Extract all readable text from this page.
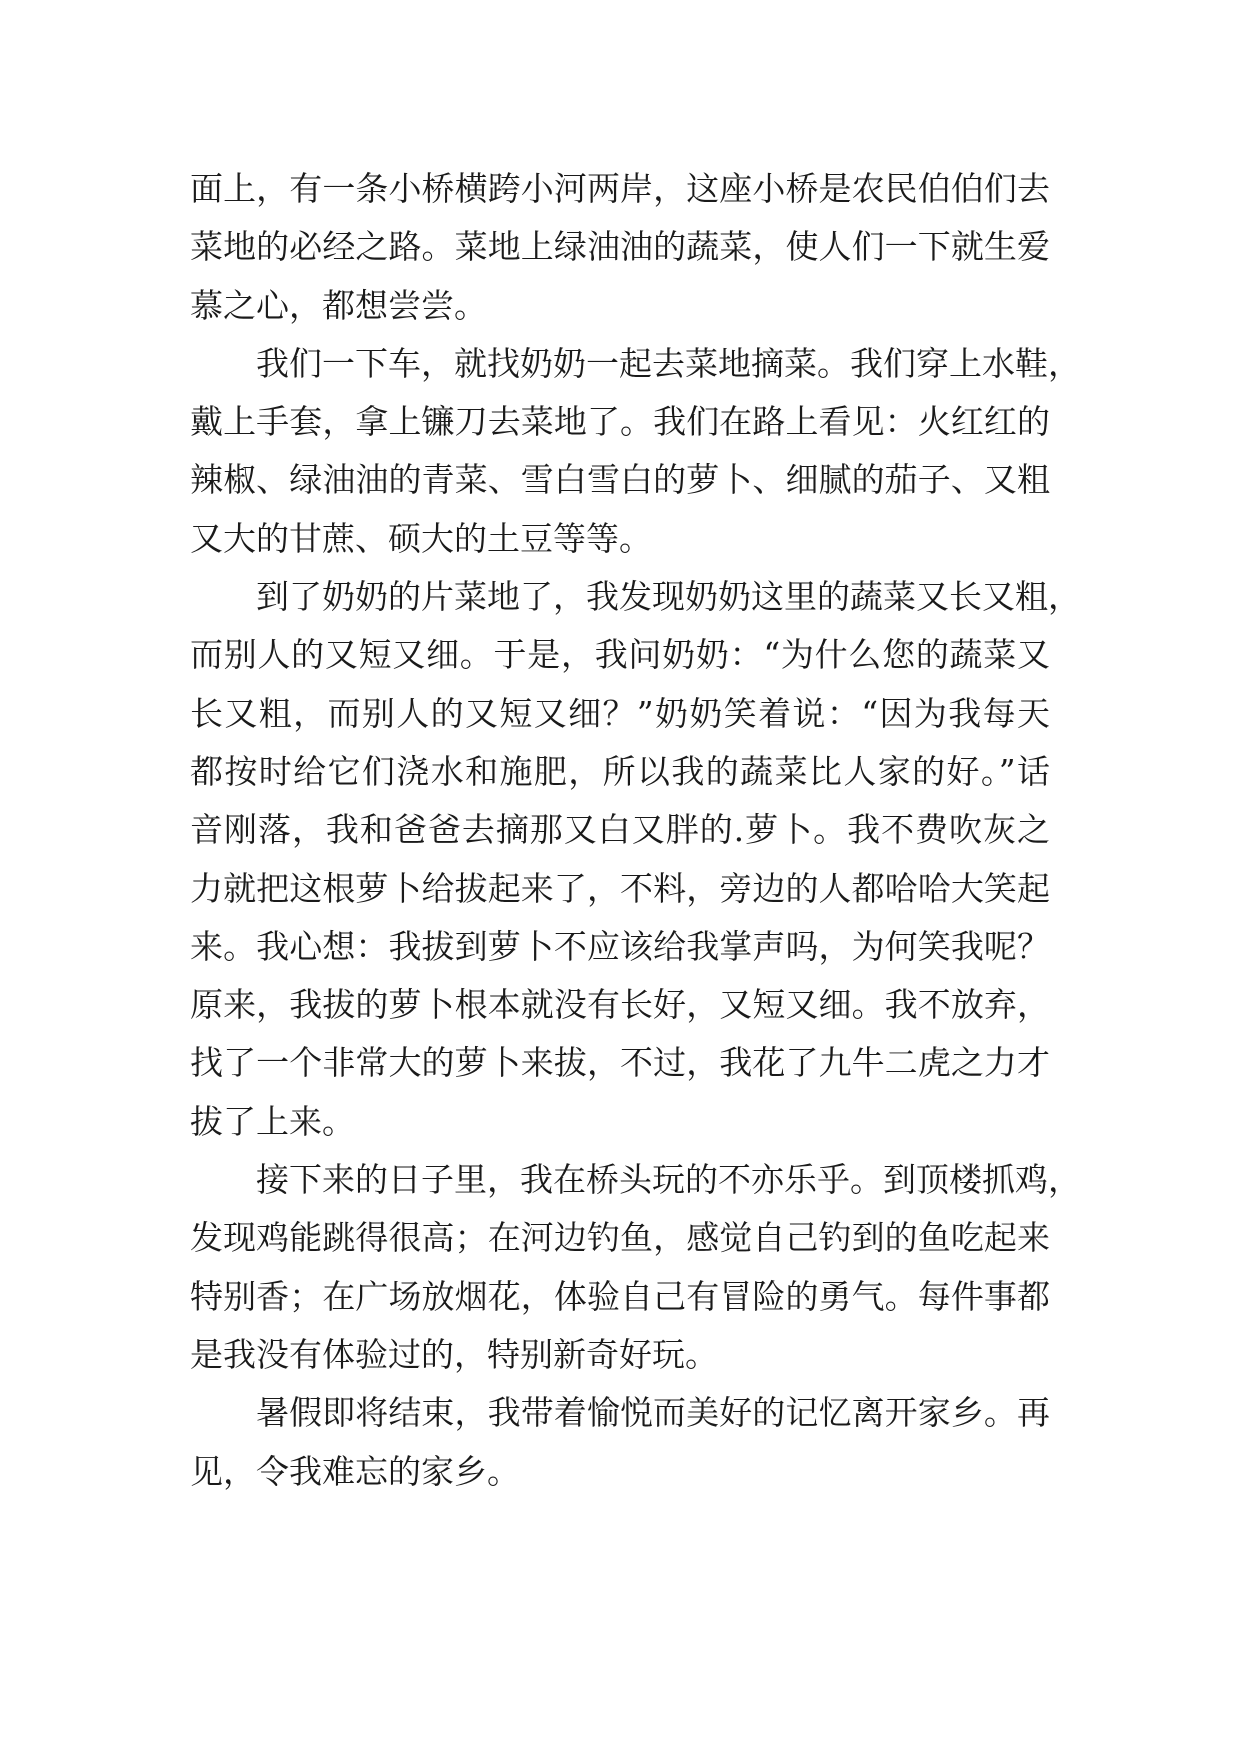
面上，有一条小桥横跨小河两岸，这座小桥是农民伯伯们去
菜地的必经之路。菜地上绿油油的蔬菜，使人们一下就生爱
慕之心，都想尝尝。
我们一下车，就找奶奶一起去菜地摘菜。我们穿上水鞋，
戴上手套，拿上镰刀去菜地了。我们在路上看见：火红红的
辣椒、绿油油的青菜、雪白雪白的萝卜、细腻的茄子、又粗
又大的甘蔗、硕大的土豆等等。
到了奶奶的片菜地了，我发现奶奶这里的蔬菜又长又粗，
而别人的又短又细。于是，我问奶奶：“为什么您的蔬菜又
长又粗，而别人的又短又细？”奶奶笑着说：“因为我每天
都按时给它们浇水和施肥，所以我的蔬菜比人家的好。”话
音刚落，我和爸爸去摘那又白又胖的.萝卜。我不费吹灰之
力就把这根萝卜给拔起来了，不料，旁边的人都哈哈大笑起
来。我心想：我拔到萝卜不应该给我掌声吗，为何笑我呢？
原来，我拔的萝卜根本就没有长好，又短又细。我不放弃，
找了一个非常大的萝卜来拔，不过，我花了九牛二虎之力才
拔了上来。
接下来的日子里，我在桥头玩的不亦乐乎。到顶楼抓鸡，
发现鸡能跳得很高；在河边钓鱼，感觉自己钓到的鱼吃起来
特别香；在广场放烟花，体验自己有冒险的勇气。每件事都
是我没有体验过的，特别新奇好玩。
暑假即将结束，我带着愉悦而美好的记忆离开家乡。再
见，令我难忘的家乡。
